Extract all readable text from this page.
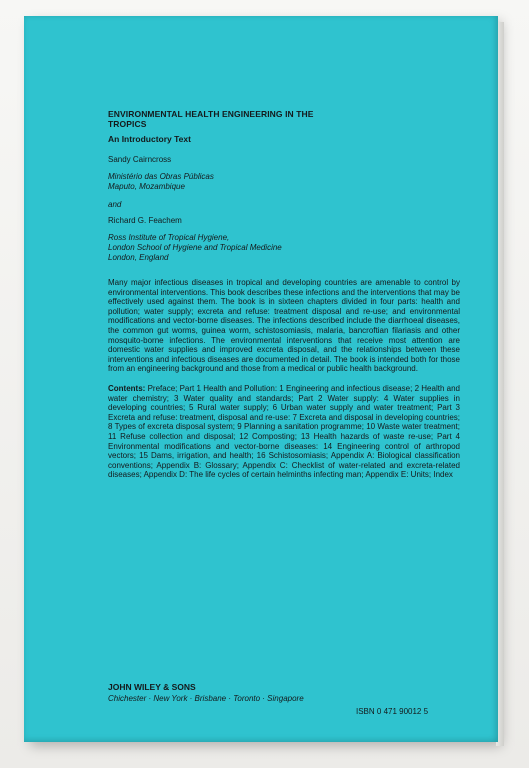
ENVIRONMENTAL HEALTH ENGINEERING IN THE TROPICS

An Introductory Text

Sandy Cairncross

Ministério das Obras Públicas
Maputo, Mozambique

and

Richard G. Feachem

Ross Institute of Tropical Hygiene,
London School of Hygiene and Tropical Medicine
London, England

Many major infectious diseases in tropical and developing countries are amenable to control by environmental interventions. This book describes these infections and the interventions that may be effectively used against them. The book is in sixteen chapters divided in four parts: health and pollution; water supply; excreta and refuse: treatment disposal and re-use; and environmental modifications and vector-borne diseases. The infections described include the diarrhoeal diseases, the common gut worms, guinea worm, schistosomiasis, malaria, bancroftian filariasis and other mosquito-borne infections. The environmental interventions that receive most attention are domestic water supplies and improved excreta disposal, and the relationships between these interventions and infectious diseases are documented in detail. The book is intended both for those from an engineering background and those from a medical or public health background.

Contents: Preface; Part 1 Health and Pollution: 1 Engineering and infectious disease; 2 Health and water chemistry; 3 Water quality and standards; Part 2 Water supply: 4 Water supplies in developing countries; 5 Rural water supply; 6 Urban water supply and water treatment; Part 3 Excreta and refuse: treatment, disposal and re-use: 7 Excreta and disposal in developing countries; 8 Types of excreta disposal system; 9 Planning a sanitation programme; 10 Waste water treatment; 11 Refuse collection and disposal; 12 Composting; 13 Health hazards of waste re-use; Part 4 Environmental modifications and vector-borne diseases: 14 Engineering control of arthropod vectors; 15 Dams, irrigation, and health; 16 Schistosomiasis; Appendix A: Biological classification conventions; Appendix B: Glossary; Appendix C: Checklist of water-related and excreta-related diseases; Appendix D: The life cycles of certain helminths infecting man; Appendix E: Units; Index

JOHN WILEY & SONS

Chichester · New York · Brisbane · Toronto · Singapore

ISBN 0 471 90012 5
